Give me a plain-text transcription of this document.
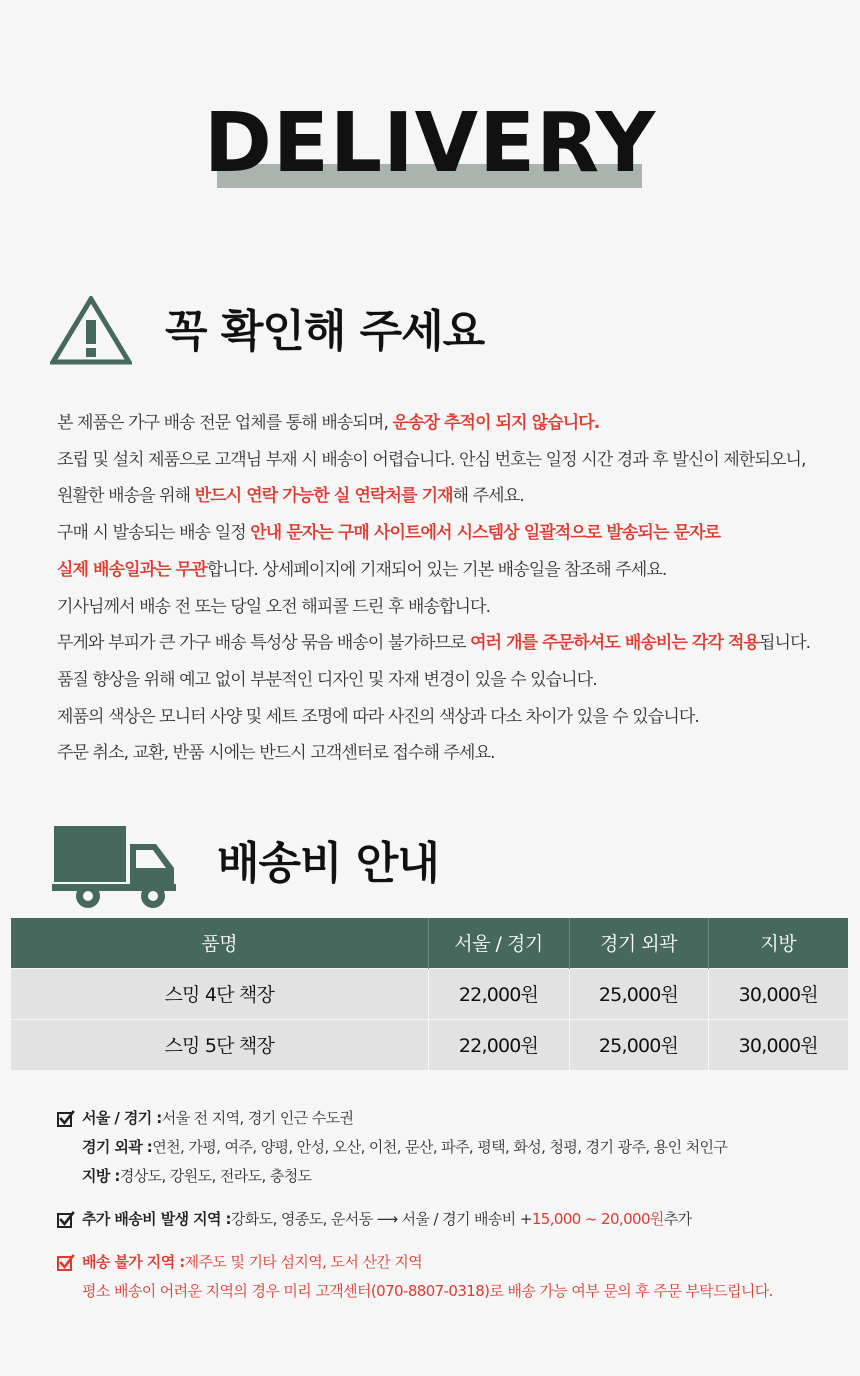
DELIVERY
꼭 확인해 주세요
본 제품은 가구 배송 전문 업체를 통해 배송되며, 운송장 추적이 되지 않습니다.
조립 및 설치 제품으로 고객님 부재 시 배송이 어렵습니다. 안심 번호는 일정 시간 경과 후 발신이 제한되오니,
원활한 배송을 위해 반드시 연락 가능한 실 연락처를 기재해 주세요.
구매 시 발송되는 배송 일정 안내 문자는 구매 사이트에서 시스템상 일괄적으로 발송되는 문자로
실제 배송일과는 무관합니다. 상세페이지에 기재되어 있는 기본 배송일을 참조해 주세요.
기사님께서 배송 전 또는 당일 오전 해피콜 드린 후 배송합니다.
무게와 부피가 큰 가구 배송 특성상 묶음 배송이 불가하므로 여러 개를 주문하셔도 배송비는 각각 적용됩니다.
품질 향상을 위해 예고 없이 부분적인 디자인 및 자재 변경이 있을 수 있습니다.
제품의 색상은 모니터 사양 및 세트 조명에 따라 사진의 색상과 다소 차이가 있을 수 있습니다.
주문 취소, 교환, 반품 시에는 반드시 고객센터로 접수해 주세요.
배송비 안내
품명	서울 / 경기	경기 외곽	지방
스밍 4단 책장	22,000원	25,000원	30,000원
스밍 5단 책장	22,000원	25,000원	30,000원
서울 / 경기 : 서울 전 지역, 경기 인근 수도권
경기 외곽 : 연천, 가평, 여주, 양평, 안성, 오산, 이천, 문산, 파주, 평택, 화성, 청평, 경기 광주, 용인 처인구
지방 : 경상도, 강원도, 전라도, 충청도
추가 배송비 발생 지역 : 강화도, 영종도, 운서동 ⟶ 서울 / 경기 배송비 + 15,000 ~ 20,000원 추가
배송 불가 지역 : 제주도 및 기타 섬지역, 도서 산간 지역
평소 배송이 어려운 지역의 경우 미리 고객센터(070-8807-0318)로 배송 가능 여부 문의 후 주문 부탁드립니다.
